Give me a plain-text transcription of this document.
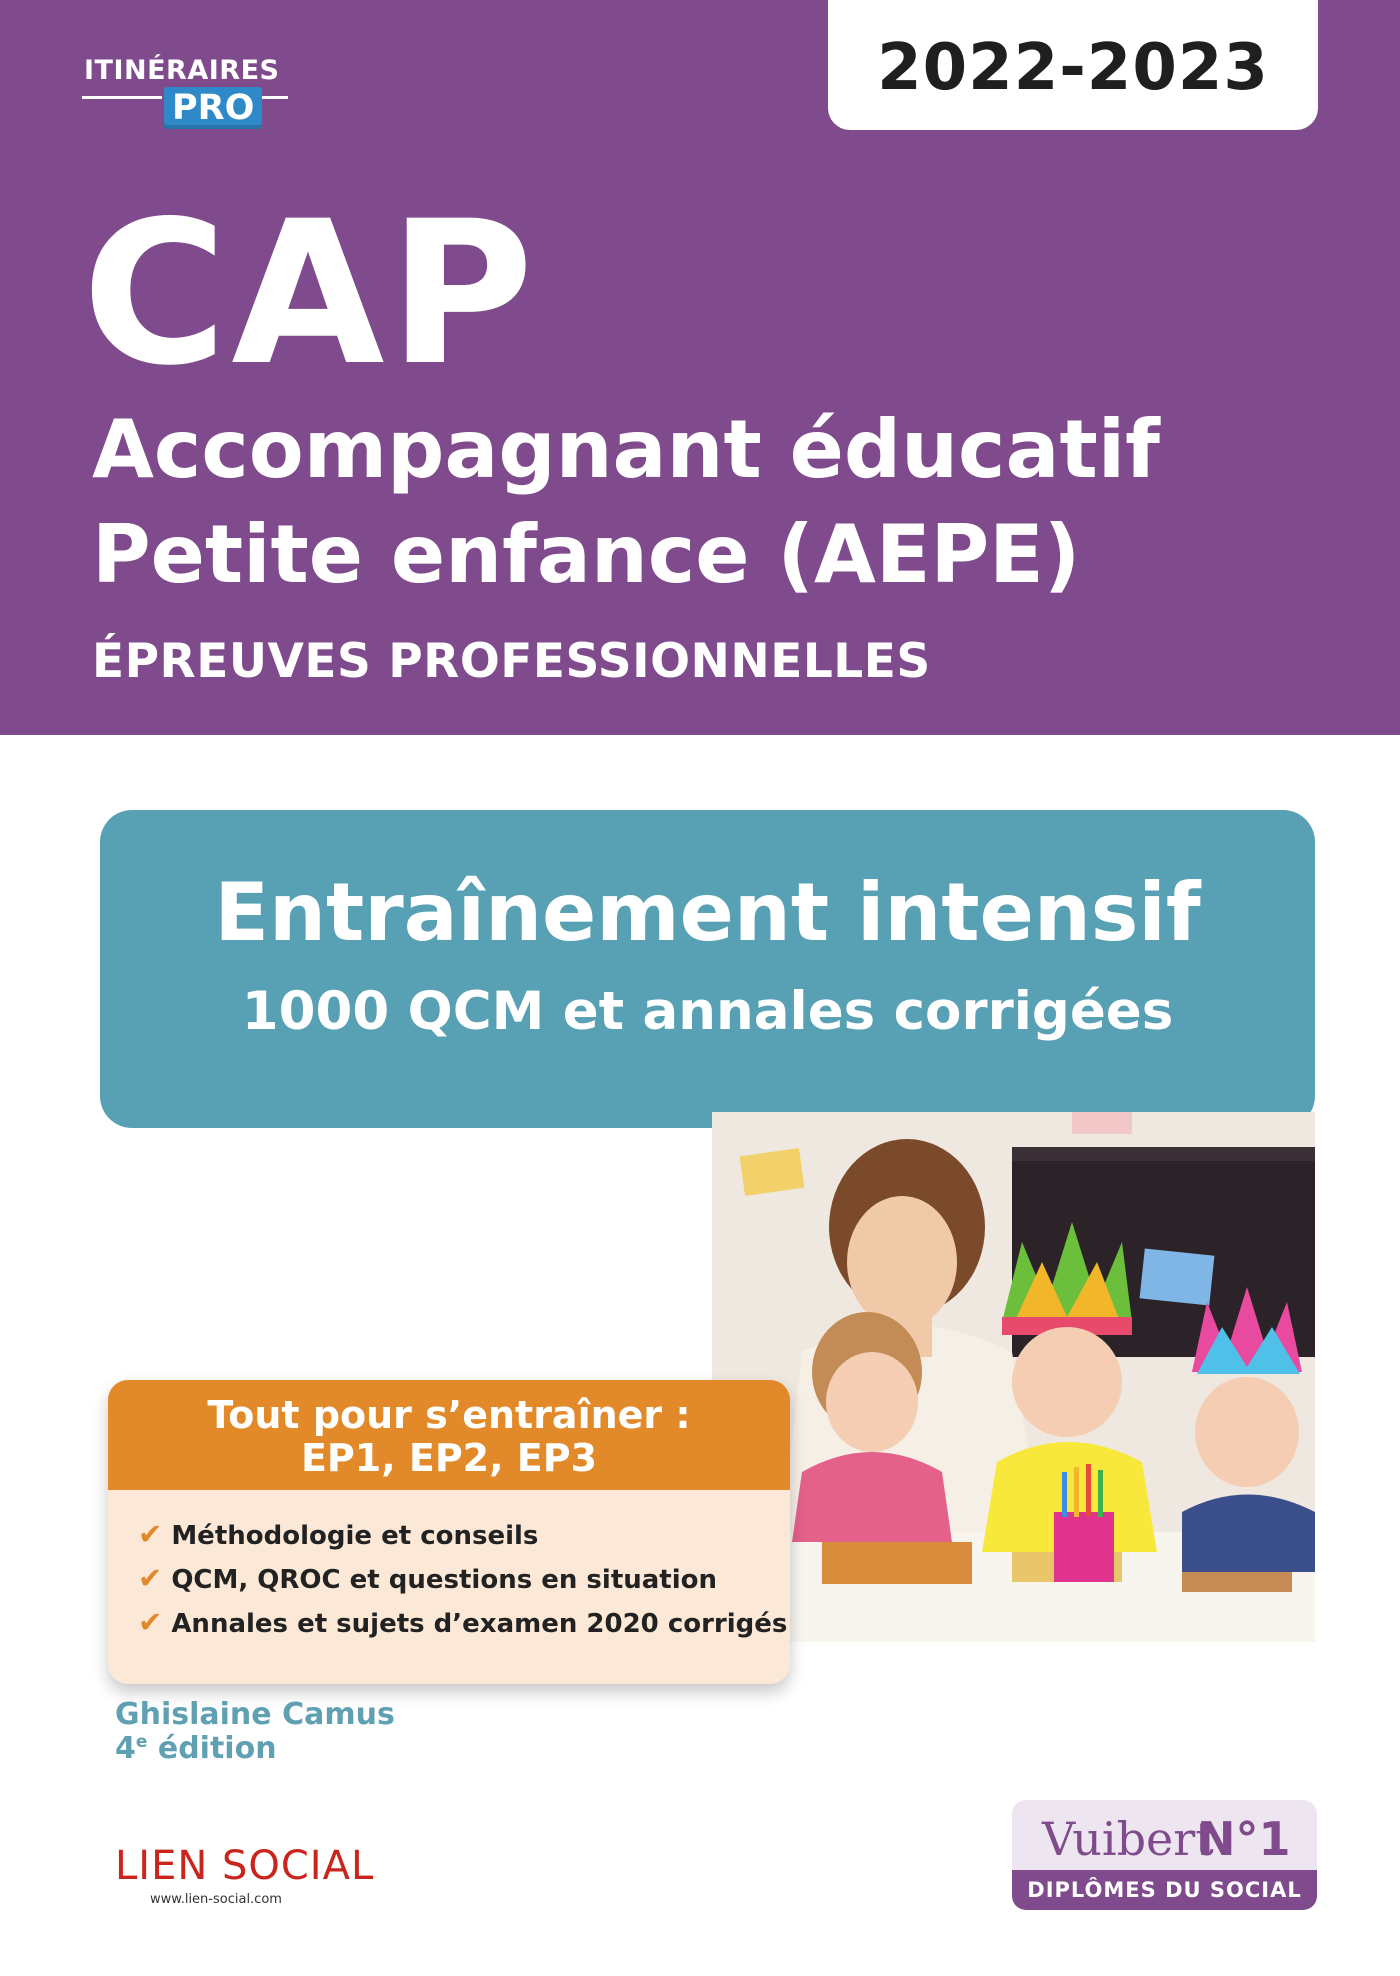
ITINÉRAIRES
PRO
2022-2023
CAP
Accompagnant éducatif
Petite enfance (AEPE)
ÉPREUVES PROFESSIONNELLES
Entraînement intensif
1000 QCM et annales corrigées
Tout pour s’entraîner :
EP1, EP2, EP3
✔ Méthodologie et conseils
✔ QCM, QROC et questions en situation
✔ Annales et sujets d’examen 2020 corrigés
Ghislaine Camus
4e édition
LIEN SOCIAL
www.lien-social.com
Vuibert
N°1
DIPLÔMES DU SOCIAL
